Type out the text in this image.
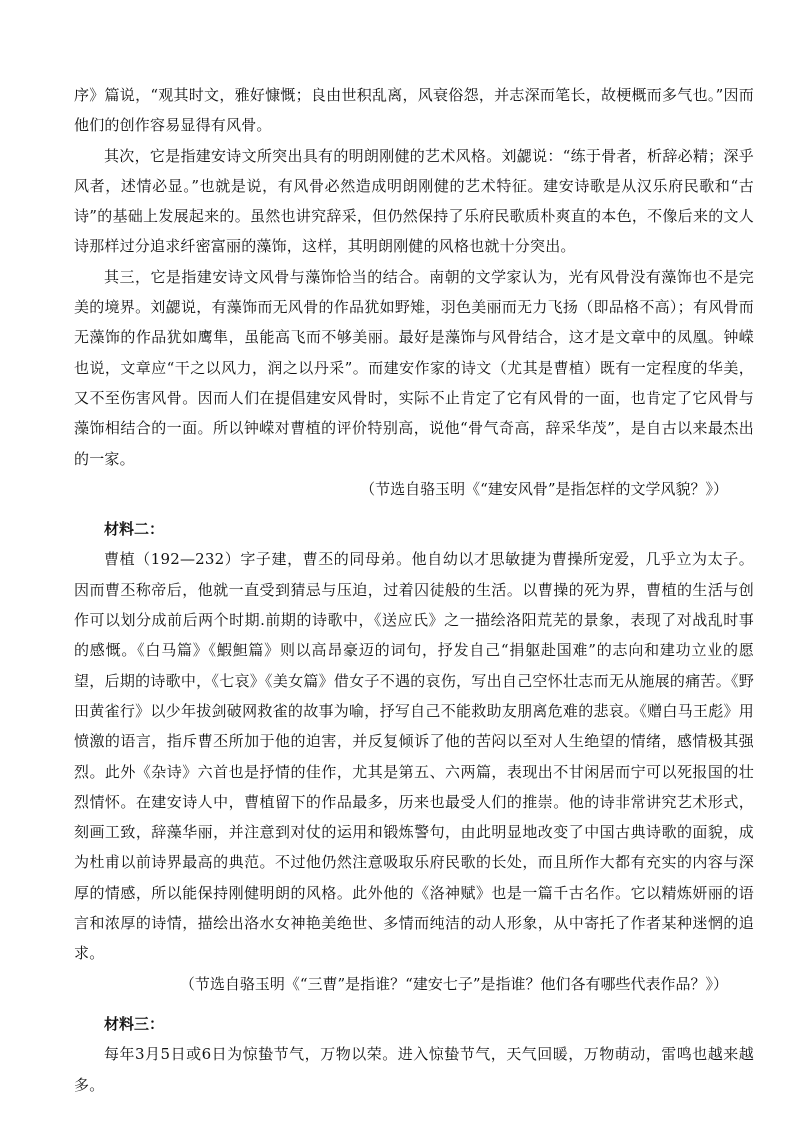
序》篇说，“观其时文，雅好慷慨；良由世积乱离，风衰俗怨，并志深而笔长，故梗概而多气也。”因而他们的创作容易显得有风骨。

其次，它是指建安诗文所突出具有的明朗刚健的艺术风格。刘勰说：“练于骨者，析辞必精；深乎风者，述情必显。”也就是说，有风骨必然造成明朗刚健的艺术特征。建安诗歌是从汉乐府民歌和“古诗”的基础上发展起来的。虽然也讲究辞采，但仍然保持了乐府民歌质朴爽直的本色，不像后来的文人诗那样过分追求纤密富丽的藻饰，这样，其明朗刚健的风格也就十分突出。

其三，它是指建安诗文风骨与藻饰恰当的结合。南朝的文学家认为，光有风骨没有藻饰也不是完美的境界。刘勰说，有藻饰而无风骨的作品犹如野雉，羽色美丽而无力飞扬（即品格不高）；有风骨而无藻饰的作品犹如鹰隼，虽能高飞而不够美丽。最好是藻饰与风骨结合，这才是文章中的凤凰。钟嵘也说，文章应“干之以风力，润之以丹采”。而建安作家的诗文（尤其是曹植）既有一定程度的华美，又不至伤害风骨。因而人们在提倡建安风骨时，实际不止肯定了它有风骨的一面，也肯定了它风骨与藻饰相结合的一面。所以钟嵘对曹植的评价特别高，说他“骨气奇高，辞采华茂”，是自古以来最杰出的一家。

（节选自骆玉明《“建安风骨”是指怎样的文学风貌？》）

材料二：

曹植（192—232）字子建，曹丕的同母弟。他自幼以才思敏捷为曹操所宠爱，几乎立为太子。因而曹丕称帝后，他就一直受到猜忌与压迫，过着囚徒般的生活。以曹操的死为界，曹植的生活与创作可以划分成前后两个时期.前期的诗歌中，《送应氏》之一描绘洛阳荒芜的景象，表现了对战乱时事的感慨。《白马篇》《鰕䱇篇》则以高昂豪迈的词句，抒发自己“捐躯赴国难”的志向和建功立业的愿望，后期的诗歌中，《七哀》《美女篇》借女子不遇的哀伤，写出自己空怀壮志而无从施展的痛苦。《野田黄雀行》以少年拔剑破网救雀的故事为喻，抒写自己不能救助友朋离危难的悲哀。《赠白马王彪》用愤激的语言，指斥曹丕所加于他的迫害，并反复倾诉了他的苦闷以至对人生绝望的情绪，感情极其强烈。此外《杂诗》六首也是抒情的佳作，尤其是第五、六两篇，表现出不甘闲居而宁可以死报国的壮烈情怀。在建安诗人中，曹植留下的作品最多，历来也最受人们的推崇。他的诗非常讲究艺术形式，刻画工致，辞藻华丽，并注意到对仗的运用和锻炼警句，由此明显地改变了中国古典诗歌的面貌，成为杜甫以前诗界最高的典范。不过他仍然注意吸取乐府民歌的长处，而且所作大都有充实的内容与深厚的情感，所以能保持刚健明朗的风格。此外他的《洛神赋》也是一篇千古名作。它以精炼妍丽的语言和浓厚的诗情，描绘出洛水女神艳美绝世、多情而纯洁的动人形象，从中寄托了作者某种迷惘的追求。

（节选自骆玉明《“三曹”是指谁？“建安七子”是指谁？他们各有哪些代表作品？》）

材料三：

每年3月5日或6日为惊蛰节气，万物以荣。进入惊蛰节气，天气回暖，万物萌动，雷鸣也越来越多。
